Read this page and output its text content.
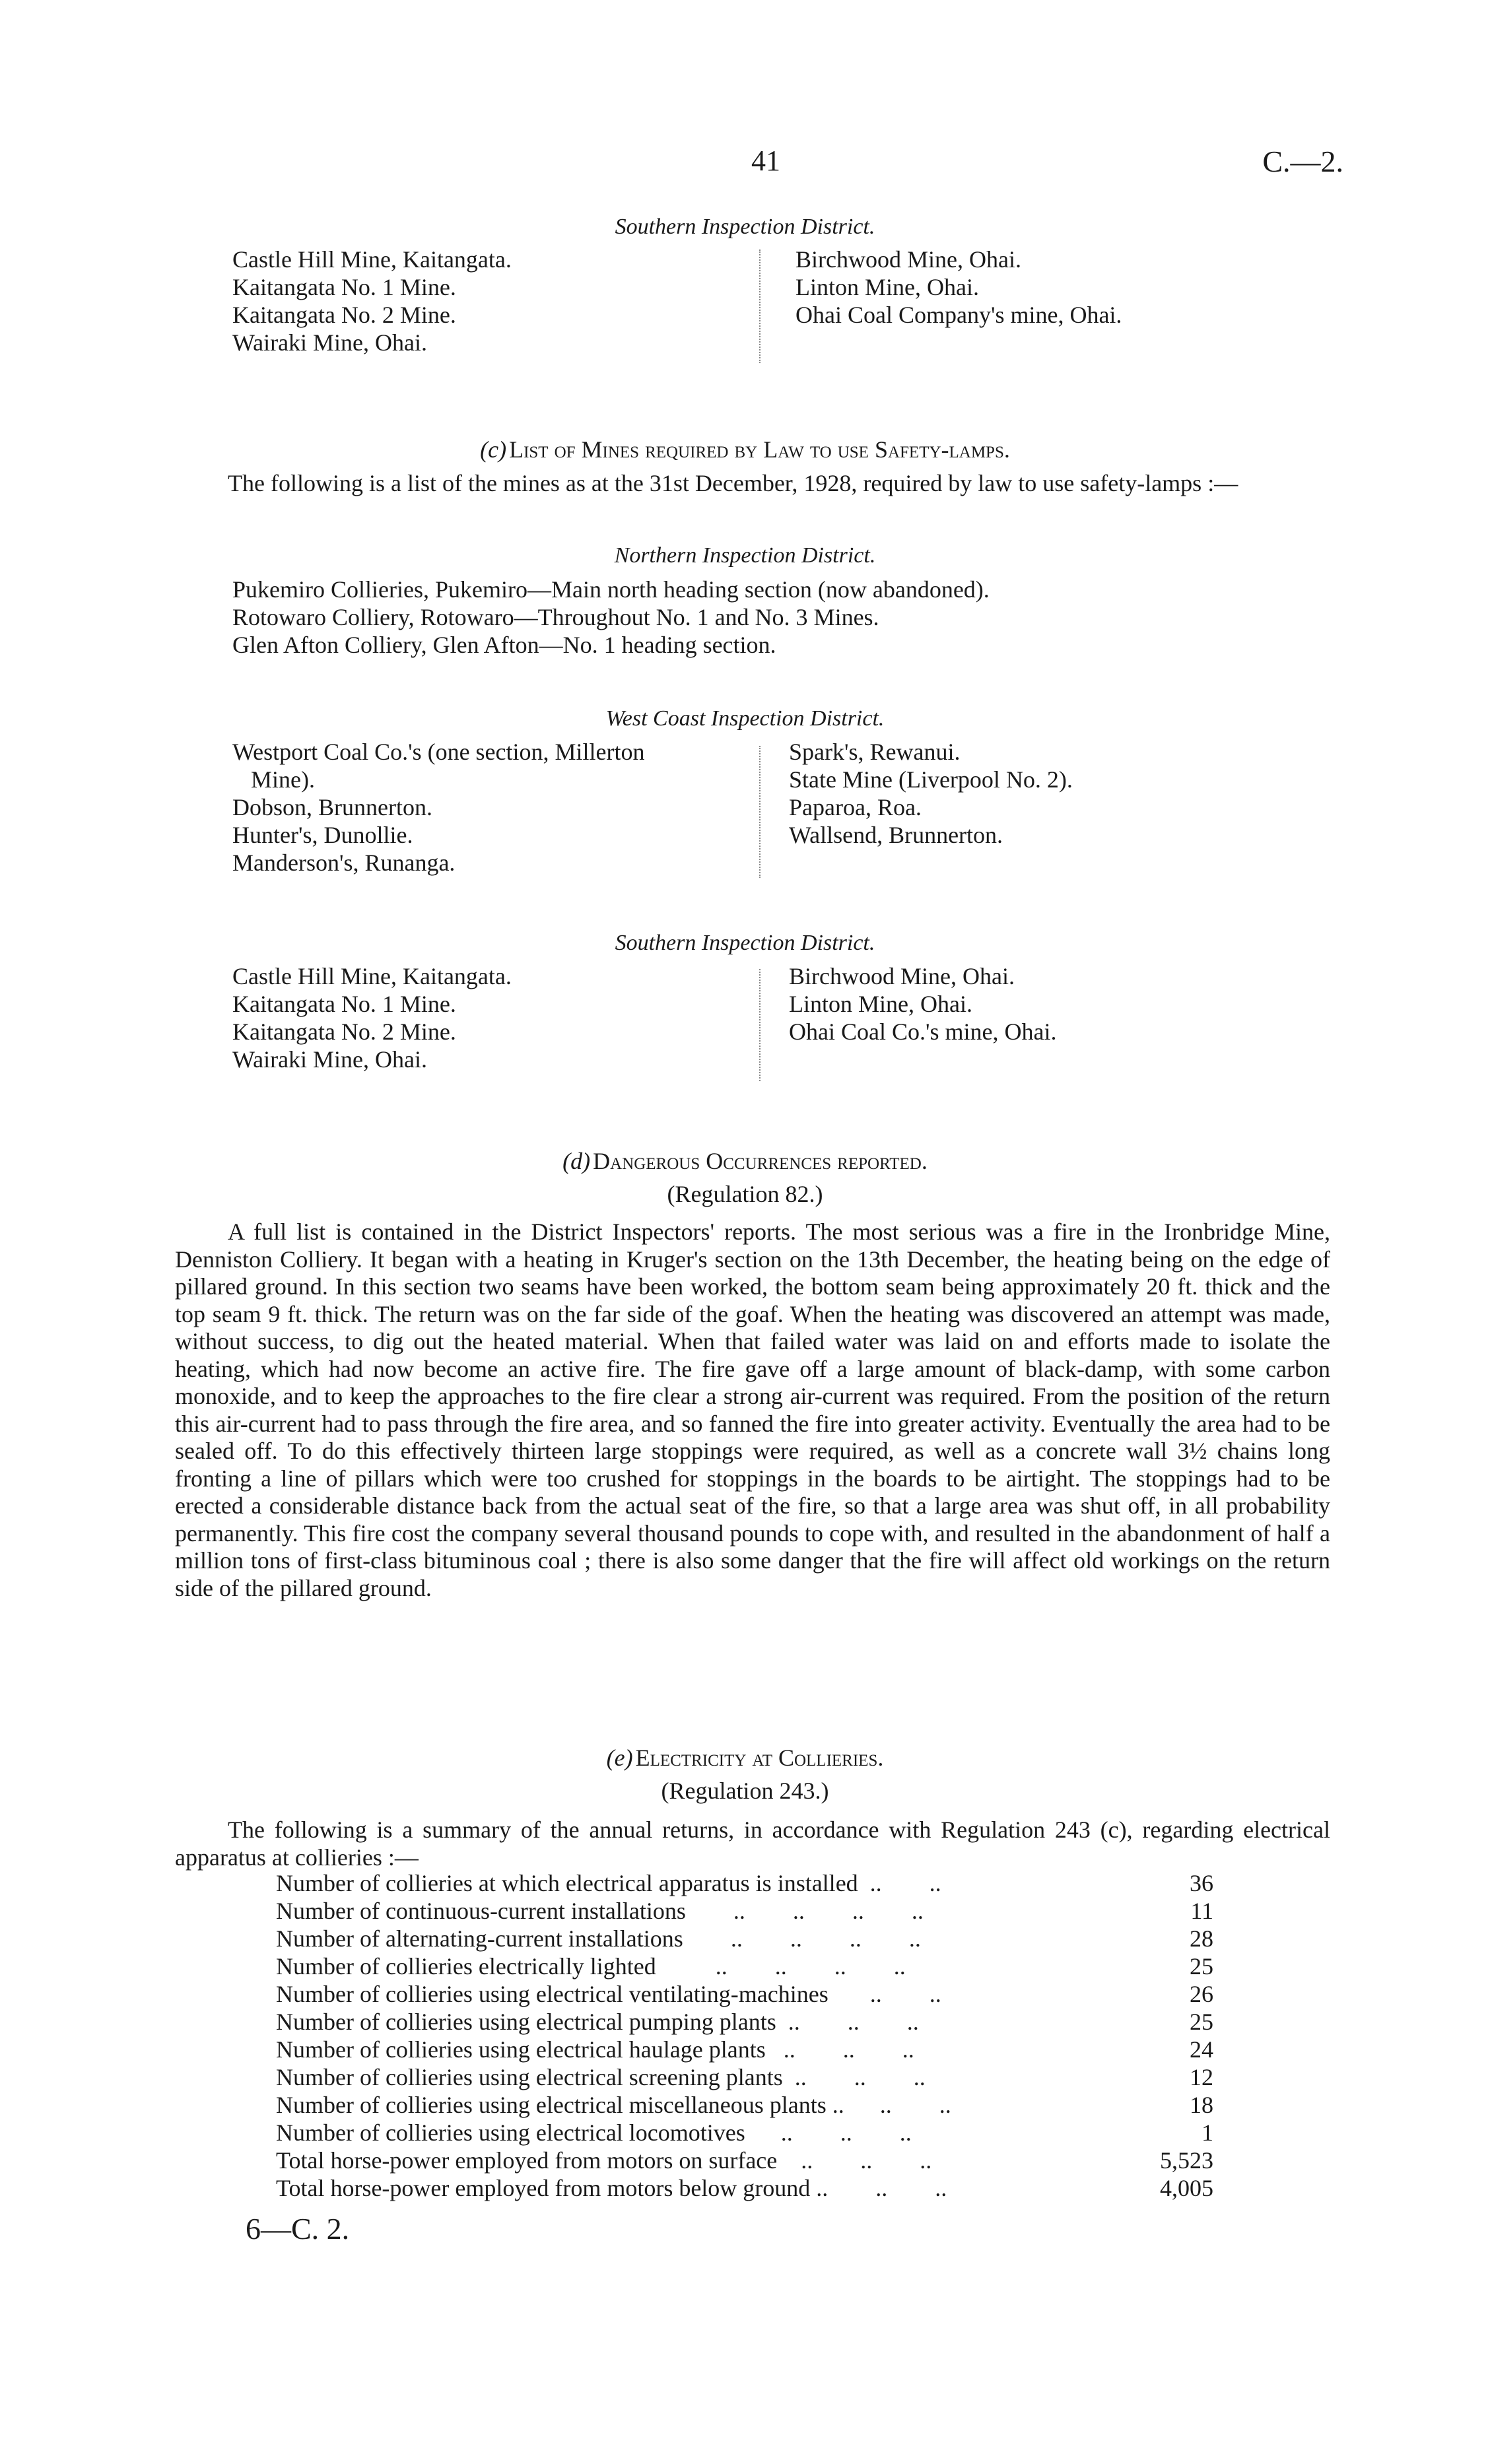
41	C.—2.
Southern Inspection District.
Castle Hill Mine, Kaitangata.
Kaitangata No. 1 Mine.
Kaitangata No. 2 Mine.
Wairaki Mine, Ohai.
Birchwood Mine, Ohai.
Linton Mine, Ohai.
Ohai Coal Company's mine, Ohai.
(c) List of Mines required by Law to use Safety-lamps.

The following is a list of the mines as at the 31st December, 1928, required by law to use safety-lamps :—

Northern Inspection District.
Pukemiro Collieries, Pukemiro—Main north heading section (now abandoned).
Rotowaro Colliery, Rotowaro—Throughout No. 1 and No. 3 Mines.
Glen Afton Colliery, Glen Afton—No. 1 heading section.
West Coast Inspection District.
Westport Coal Co.'s (one section, Millerton
Mine).
Dobson, Brunnerton.
Hunter's, Dunollie.
Manderson's, Runanga.
Spark's, Rewanui.
State Mine (Liverpool No. 2).
Paparoa, Roa.
Wallsend, Brunnerton.
Southern Inspection District.
Castle Hill Mine, Kaitangata.
Kaitangata No. 1 Mine.
Kaitangata No. 2 Mine.
Wairaki Mine, Ohai.
Birchwood Mine, Ohai.
Linton Mine, Ohai.
Ohai Coal Co.'s mine, Ohai.
(d) Dangerous Occurrences reported.
(Regulation 82.)

A full list is contained in the District Inspectors' reports. The most serious was a fire in the Ironbridge Mine, Denniston Colliery. It began with a heating in Kruger's section on the 13th December, the heating being on the edge of pillared ground. In this section two seams have been worked, the bottom seam being approximately 20 ft. thick and the top seam 9 ft. thick. The return was on the far side of the goaf. When the heating was discovered an attempt was made, without success, to dig out the heated material. When that failed water was laid on and efforts made to isolate the heating, which had now become an active fire. The fire gave off a large amount of black-damp, with some carbon monoxide, and to keep the approaches to the fire clear a strong air-current was required. From the position of the return this air-current had to pass through the fire area, and so fanned the fire into greater activity. Eventually the area had to be sealed off. To do this effectively thirteen large stoppings were required, as well as a concrete wall 3½ chains long fronting a line of pillars which were too crushed for stoppings in the boards to be airtight. The stoppings had to be erected a considerable distance back from the actual seat of the fire, so that a large area was shut off, in all probability permanently. This fire cost the company several thousand pounds to cope with, and resulted in the abandonment of half a million tons of first-class bituminous coal ; there is also some danger that the fire will affect old workings on the return side of the pillared ground.

(e) Electricity at Collieries.
(Regulation 243.)

The following is a summary of the annual returns, in accordance with Regulation 243 (c), regarding electrical apparatus at collieries :—

Number of collieries at which electrical apparatus is installed  ..        ..	36
Number of continuous-current installations        ..        ..        ..        ..	11
Number of alternating-current installations        ..        ..        ..        ..	28
Number of collieries electrically lighted          ..        ..        ..        ..	25
Number of collieries using electrical ventilating-machines       ..        ..	26
Number of collieries using electrical pumping plants  ..        ..        ..	25
Number of collieries using electrical haulage plants   ..        ..        ..	24
Number of collieries using electrical screening plants  ..        ..        ..	12
Number of collieries using electrical miscellaneous plants ..      ..        ..	18
Number of collieries using electrical locomotives      ..        ..        ..	1
Total horse-power employed from motors on surface    ..        ..        ..	5,523
Total horse-power employed from motors below ground ..        ..        ..	4,005
6—C. 2.
